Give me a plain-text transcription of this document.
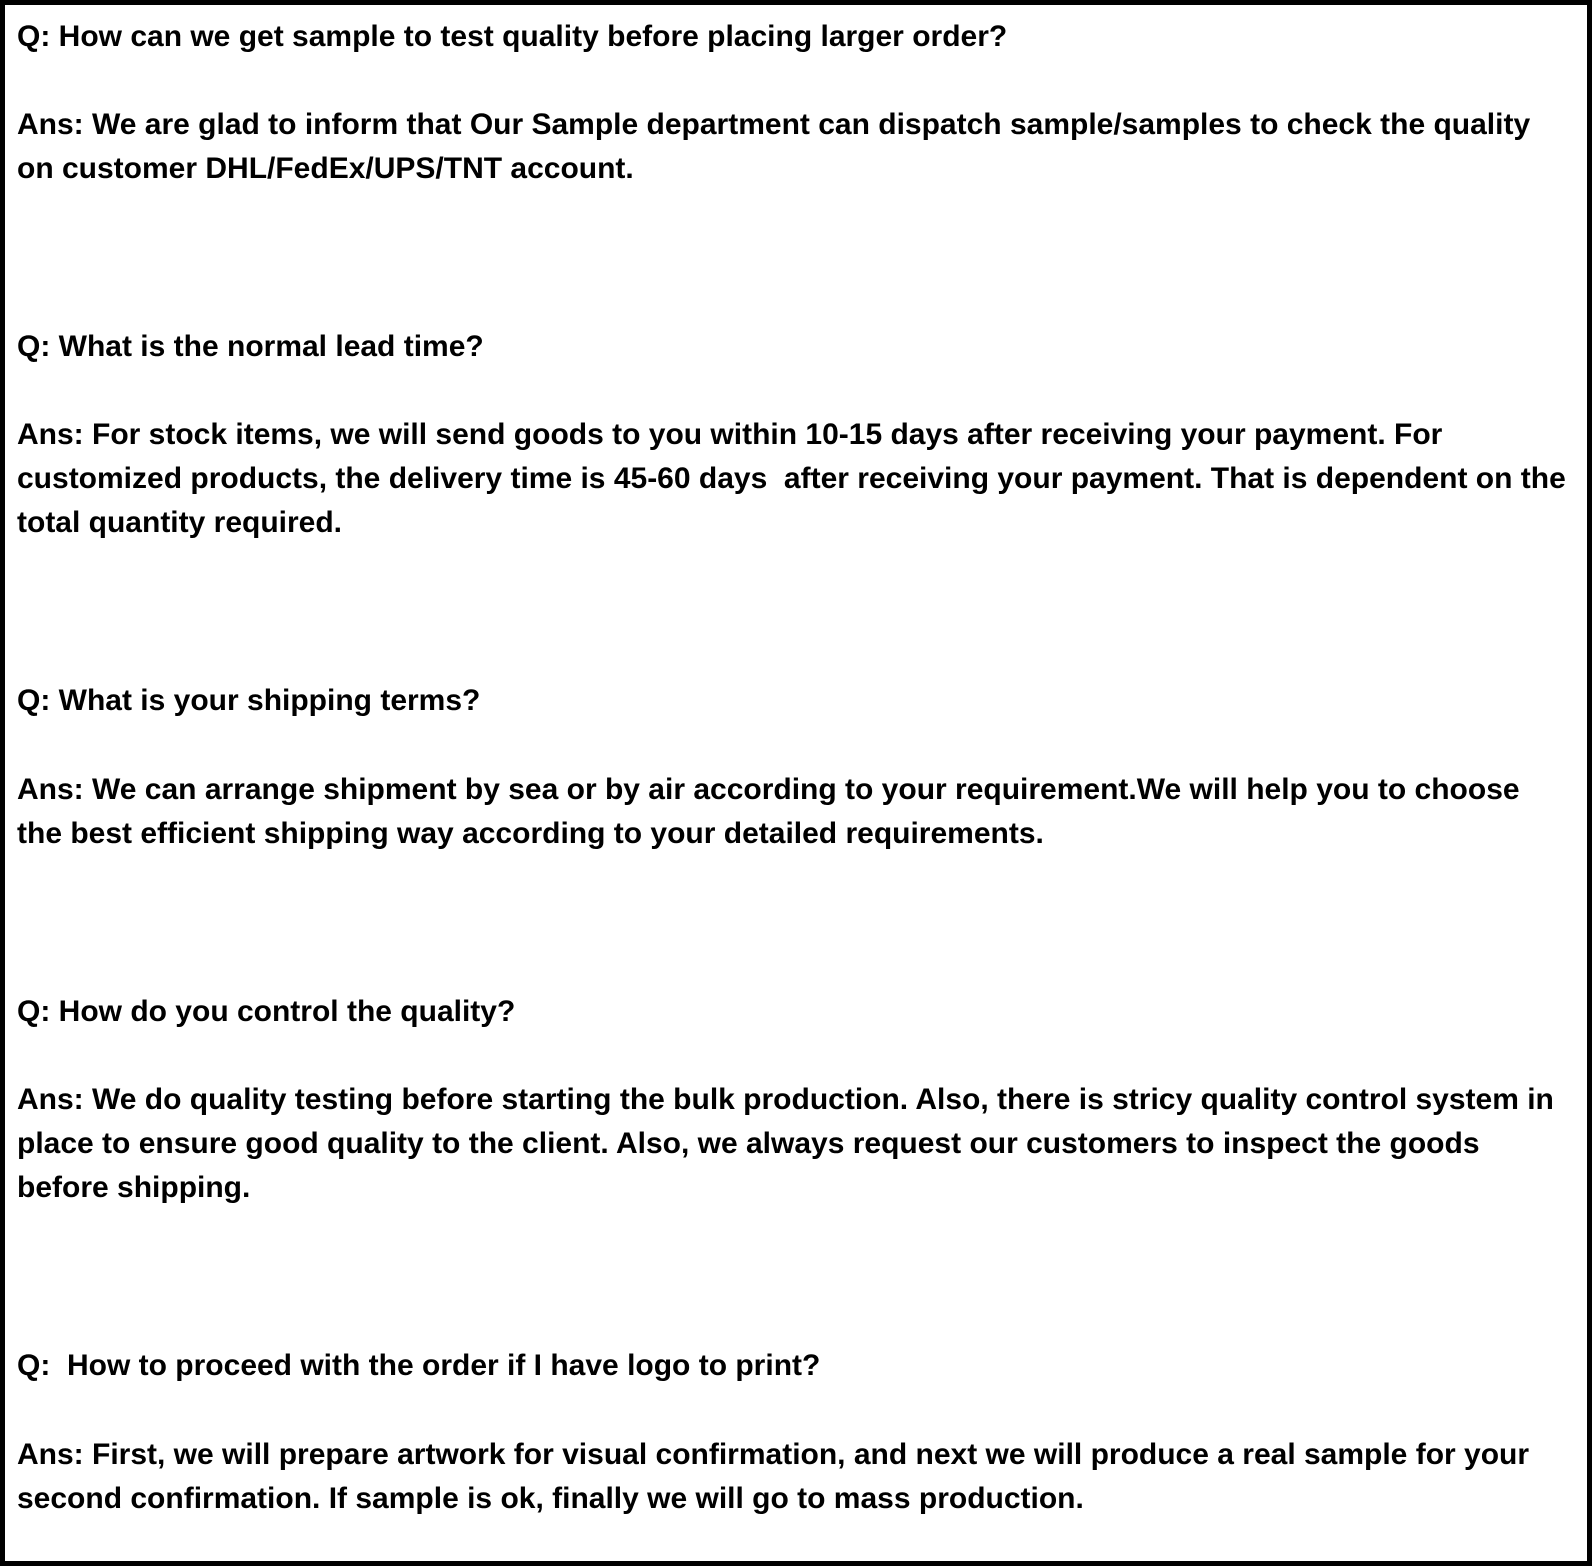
Q: How can we get sample to test quality before placing larger order?

Ans: We are glad to inform that Our Sample department can dispatch sample/samples to check the quality on customer DHL/FedEx/UPS/TNT account.

Q: What is the normal lead time?

Ans: For stock items, we will send goods to you within 10-15 days after receiving your payment. For customized products, the delivery time is 45-60 days  after receiving your payment. That is dependent on the total quantity required.

Q: What is your shipping terms?

Ans: We can arrange shipment by sea or by air according to your requirement.We will help you to choose the best efficient shipping way according to your detailed requirements.

Q: How do you control the quality?

Ans: We do quality testing before starting the bulk production. Also, there is stricy quality control system in place to ensure good quality to the client. Also, we always request our customers to inspect the goods before shipping.

Q:  How to proceed with the order if I have logo to print?

Ans: First, we will prepare artwork for visual confirmation, and next we will produce a real sample for your second confirmation. If sample is ok, finally we will go to mass production.
